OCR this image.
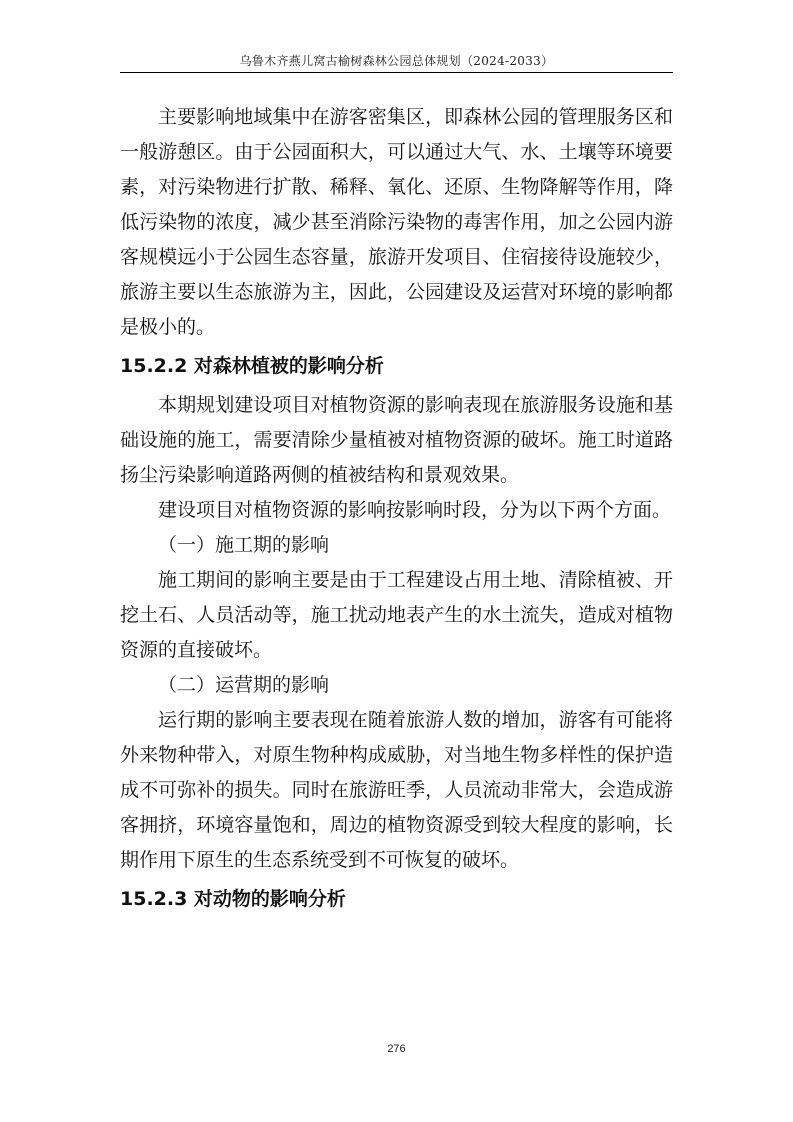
乌鲁木齐燕儿窝古榆树森林公园总体规划（2024-2033）

主要影响地域集中在游客密集区，即森林公园的管理服务区和一般游憩区。由于公园面积大，可以通过大气、水、土壤等环境要素，对污染物进行扩散、稀释、氧化、还原、生物降解等作用，降低污染物的浓度，减少甚至消除污染物的毒害作用，加之公园内游客规模远小于公园生态容量，旅游开发项目、住宿接待设施较少，旅游主要以生态旅游为主，因此，公园建设及运营对环境的影响都是极小的。

15.2.2 对森林植被的影响分析

本期规划建设项目对植物资源的影响表现在旅游服务设施和基础设施的施工，需要清除少量植被对植物资源的破坏。施工时道路扬尘污染影响道路两侧的植被结构和景观效果。

建设项目对植物资源的影响按影响时段，分为以下两个方面。

（一）施工期的影响

施工期间的影响主要是由于工程建设占用土地、清除植被、开挖土石、人员活动等，施工扰动地表产生的水土流失，造成对植物资源的直接破坏。

（二）运营期的影响

运行期的影响主要表现在随着旅游人数的增加，游客有可能将外来物种带入，对原生物种构成威胁，对当地生物多样性的保护造成不可弥补的损失。同时在旅游旺季，人员流动非常大，会造成游客拥挤，环境容量饱和，周边的植物资源受到较大程度的影响，长期作用下原生的生态系统受到不可恢复的破坏。

15.2.3 对动物的影响分析

276
